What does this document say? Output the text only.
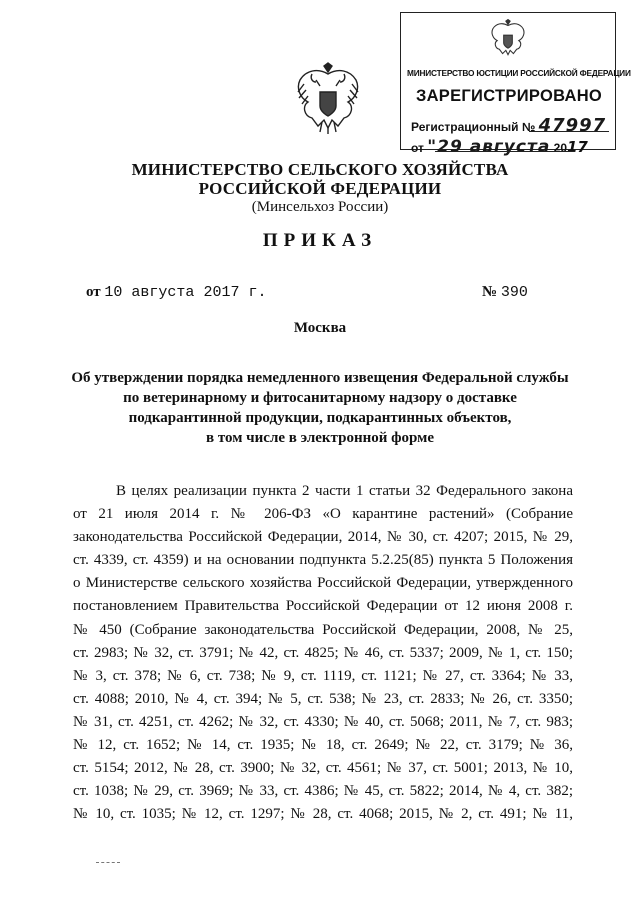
МИНИСТЕРСТВО ЮСТИЦИИ РОССИЙСКОЙ ФЕДЕРАЦИИ
ЗАРЕГИСТРИРОВАНО
Регистрационный № 47997
от "29 августа 2017
МИНИСТЕРСТВО СЕЛЬСКОГО ХОЗЯЙСТВА
РОССИЙСКОЙ ФЕДЕРАЦИИ
(Минсельхоз России)
ПРИКАЗ
от 10 августа 2017 г.	№ 390
Москва
Об утверждении порядка немедленного извещения Федеральной службы
по ветеринарному и фитосанитарному надзору о доставке
подкарантинной продукции, подкарантинных объектов,
в том числе в электронной форме
В целях реализации пункта 2 части 1 статьи 32 Федерального закона
от 21 июля 2014 г. № 206-ФЗ «О карантине растений» (Собрание
законодательства Российской Федерации, 2014, № 30, ст. 4207; 2015, № 29,
ст. 4339, ст. 4359) и на основании подпункта 5.2.25(85) пункта 5 Положения
о Министерстве сельского хозяйства Российской Федерации, утвержденного
постановлением Правительства Российской Федерации от 12 июня 2008 г.
№ 450 (Собрание законодательства Российской Федерации, 2008, № 25,
ст. 2983; № 32, ст. 3791; № 42, ст. 4825; № 46, ст. 5337; 2009, № 1, ст. 150;
№ 3, ст. 378; № 6, ст. 738; № 9, ст. 1119, ст. 1121; № 27, ст. 3364; № 33,
ст. 4088; 2010, № 4, ст. 394; № 5, ст. 538; № 23, ст. 2833; № 26, ст. 3350;
№ 31, ст. 4251, ст. 4262; № 32, ст. 4330; № 40, ст. 5068; 2011, № 7, ст. 983;
№ 12, ст. 1652; № 14, ст. 1935; № 18, ст. 2649; № 22, ст. 3179; № 36,
ст. 5154; 2012, № 28, ст. 3900; № 32, ст. 4561; № 37, ст. 5001; 2013, № 10,
ст. 1038; № 29, ст. 3969; № 33, ст. 4386; № 45, ст. 5822; 2014, № 4, ст. 382;
№ 10, ст. 1035; № 12, ст. 1297; № 28, ст. 4068; 2015, № 2, ст. 491; № 11,
